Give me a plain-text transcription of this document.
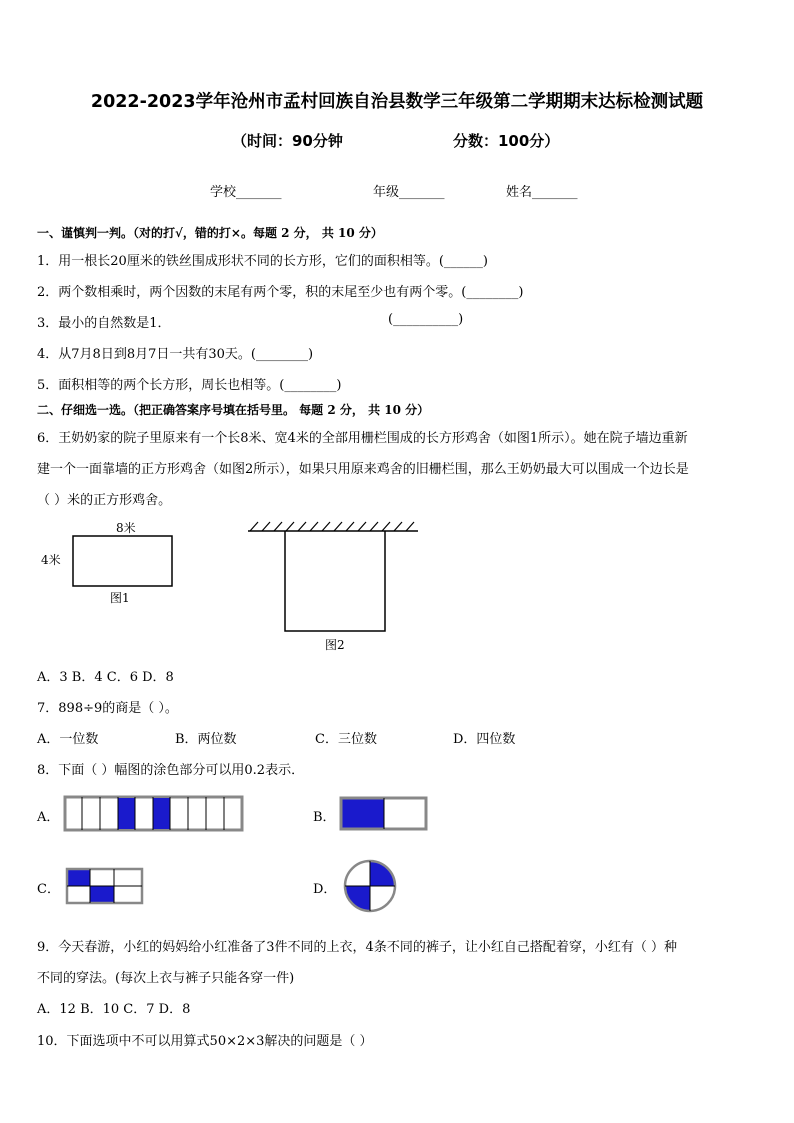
2022-2023学年沧州市孟村回族自治县数学三年级第二学期期末达标检测试题
（时间：90分钟	分数：100分）
学校_______	年级_______	姓名_______
一、谨慎判一判。（对的打√，错的打×。每题 2 分， 共 10 分）
1．用一根长20厘米的铁丝围成形状不同的长方形，它们的面积相等。(______)
2．两个数相乘时，两个因数的末尾有两个零，积的末尾至少也有两个零。(________)
3．最小的自然数是1．	(__________)
4．从7月8日到8月7日一共有30天。(________)
5．面积相等的两个长方形，周长也相等。(________)
二、仔细选一选。（把正确答案序号填在括号里。 每题 2 分， 共 10 分）
6．王奶奶家的院子里原来有一个长8米、宽4米的全部用栅栏围成的长方形鸡舍（如图1所示）。她在院子墙边重新
建一个一面靠墙的正方形鸡舍（如图2所示），如果只用原来鸡舍的旧栅栏围，那么王奶奶最大可以围成一个边长是
（ ）米的正方形鸡舍。
8米
4米
图1
图2
A．3 B．4 C．6 D．8
7．898÷9的商是（ ）。
A．一位数	B．两位数	C．三位数	D．四位数
8．下面（ ）幅图的涂色部分可以用0.2表示．
A．	B．
C．	D．
9．今天春游，小红的妈妈给小红准备了3件不同的上衣，4条不同的裤子，让小红自己搭配着穿，小红有（ ）种
不同的穿法。(每次上衣与裤子只能各穿一件)
A．12 B．10 C．7 D．8
10．下面选项中不可以用算式50×2×3解决的问题是（ ）
